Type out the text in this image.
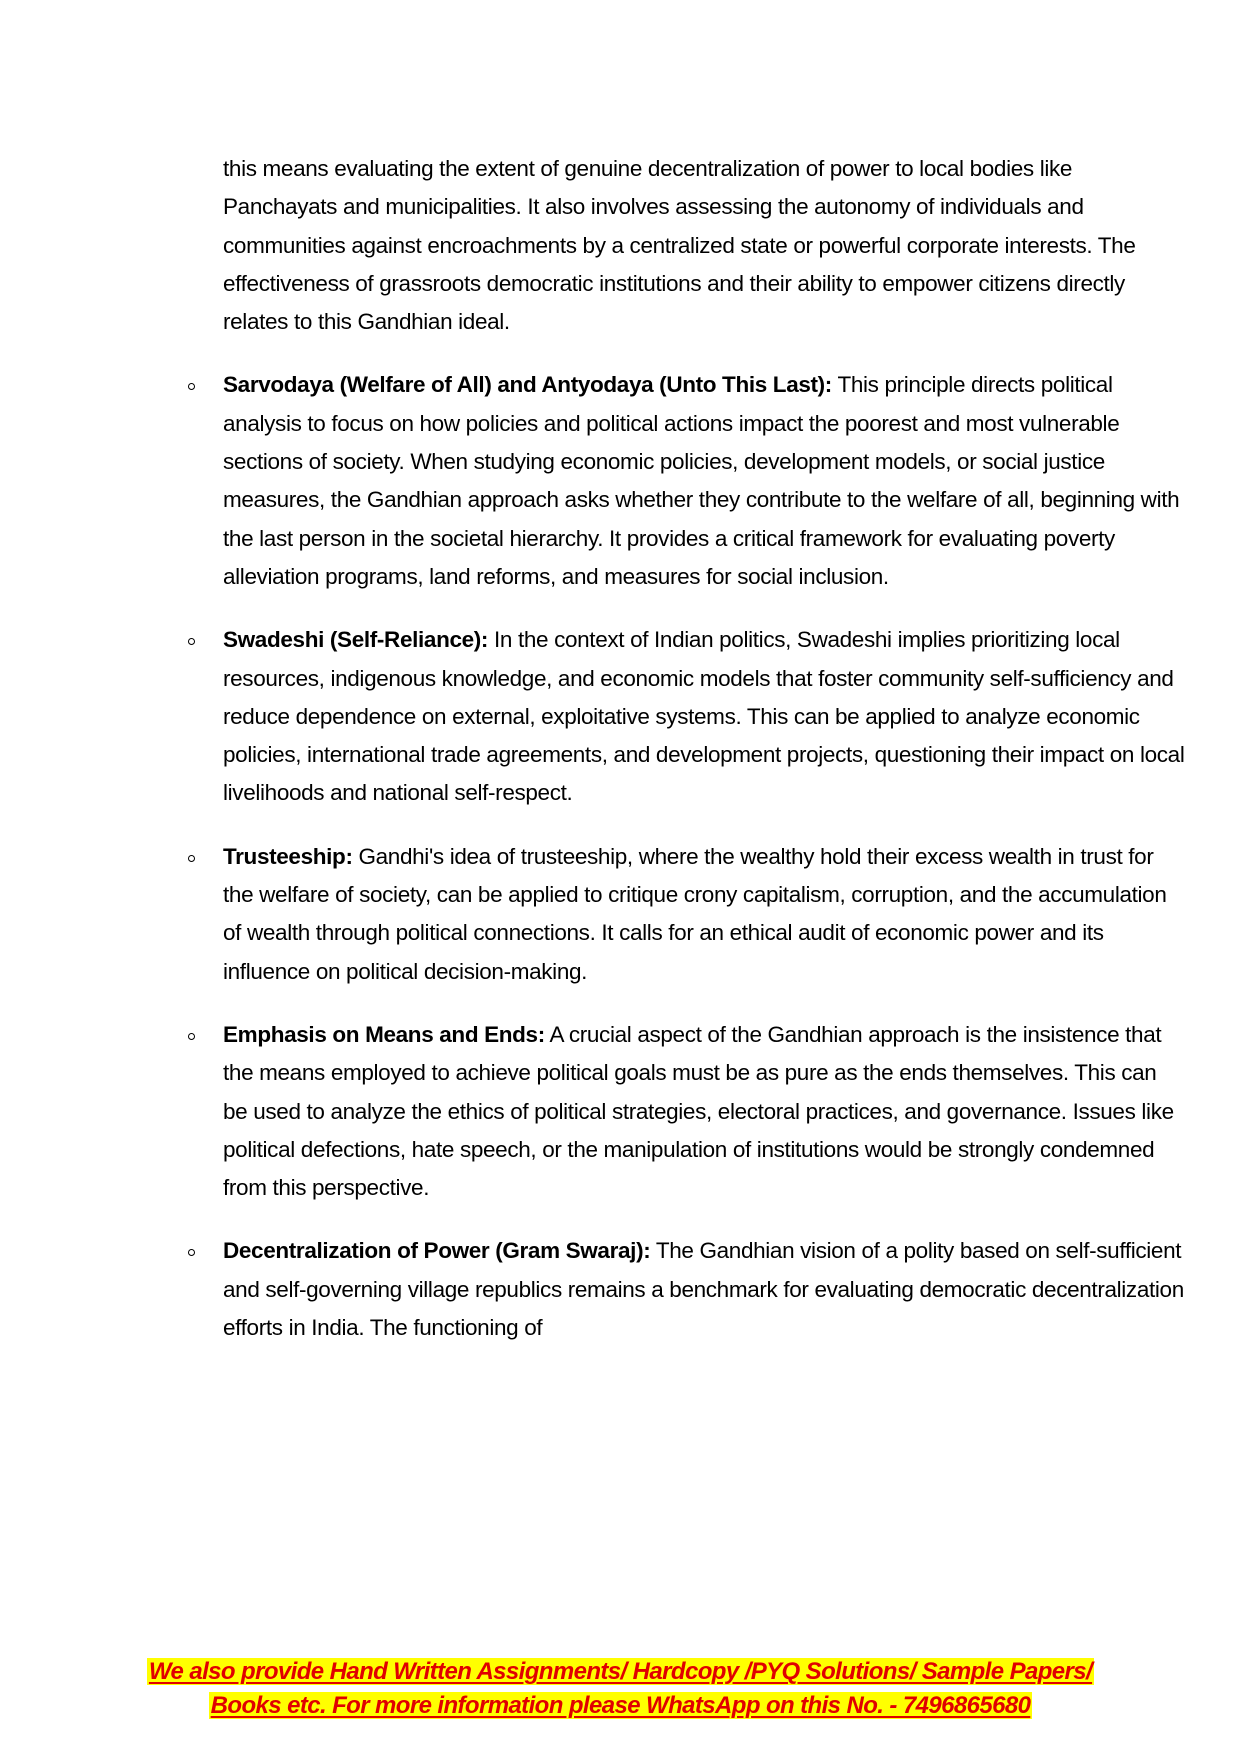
this means evaluating the extent of genuine decentralization of power to local bodies like Panchayats and municipalities. It also involves assessing the autonomy of individuals and communities against encroachments by a centralized state or powerful corporate interests. The effectiveness of grassroots democratic institutions and their ability to empower citizens directly relates to this Gandhian ideal.

Sarvodaya (Welfare of All) and Antyodaya (Unto This Last): This principle directs political analysis to focus on how policies and political actions impact the poorest and most vulnerable sections of society. When studying economic policies, development models, or social justice measures, the Gandhian approach asks whether they contribute to the welfare of all, beginning with the last person in the societal hierarchy. It provides a critical framework for evaluating poverty alleviation programs, land reforms, and measures for social inclusion.
Swadeshi (Self-Reliance): In the context of Indian politics, Swadeshi implies prioritizing local resources, indigenous knowledge, and economic models that foster community self-sufficiency and reduce dependence on external, exploitative systems. This can be applied to analyze economic policies, international trade agreements, and development projects, questioning their impact on local livelihoods and national self-respect.
Trusteeship: Gandhi's idea of trusteeship, where the wealthy hold their excess wealth in trust for the welfare of society, can be applied to critique crony capitalism, corruption, and the accumulation of wealth through political connections. It calls for an ethical audit of economic power and its influence on political decision-making.
Emphasis on Means and Ends: A crucial aspect of the Gandhian approach is the insistence that the means employed to achieve political goals must be as pure as the ends themselves. This can be used to analyze the ethics of political strategies, electoral practices, and governance. Issues like political defections, hate speech, or the manipulation of institutions would be strongly condemned from this perspective.
Decentralization of Power (Gram Swaraj): The Gandhian vision of a polity based on self-sufficient and self-governing village republics remains a benchmark for evaluating democratic decentralization efforts in India. The functioning of
We also provide Hand Written Assignments/ Hardcopy /PYQ Solutions/ Sample Papers/
Books etc. For more information please WhatsApp on this No. - 7496865680
